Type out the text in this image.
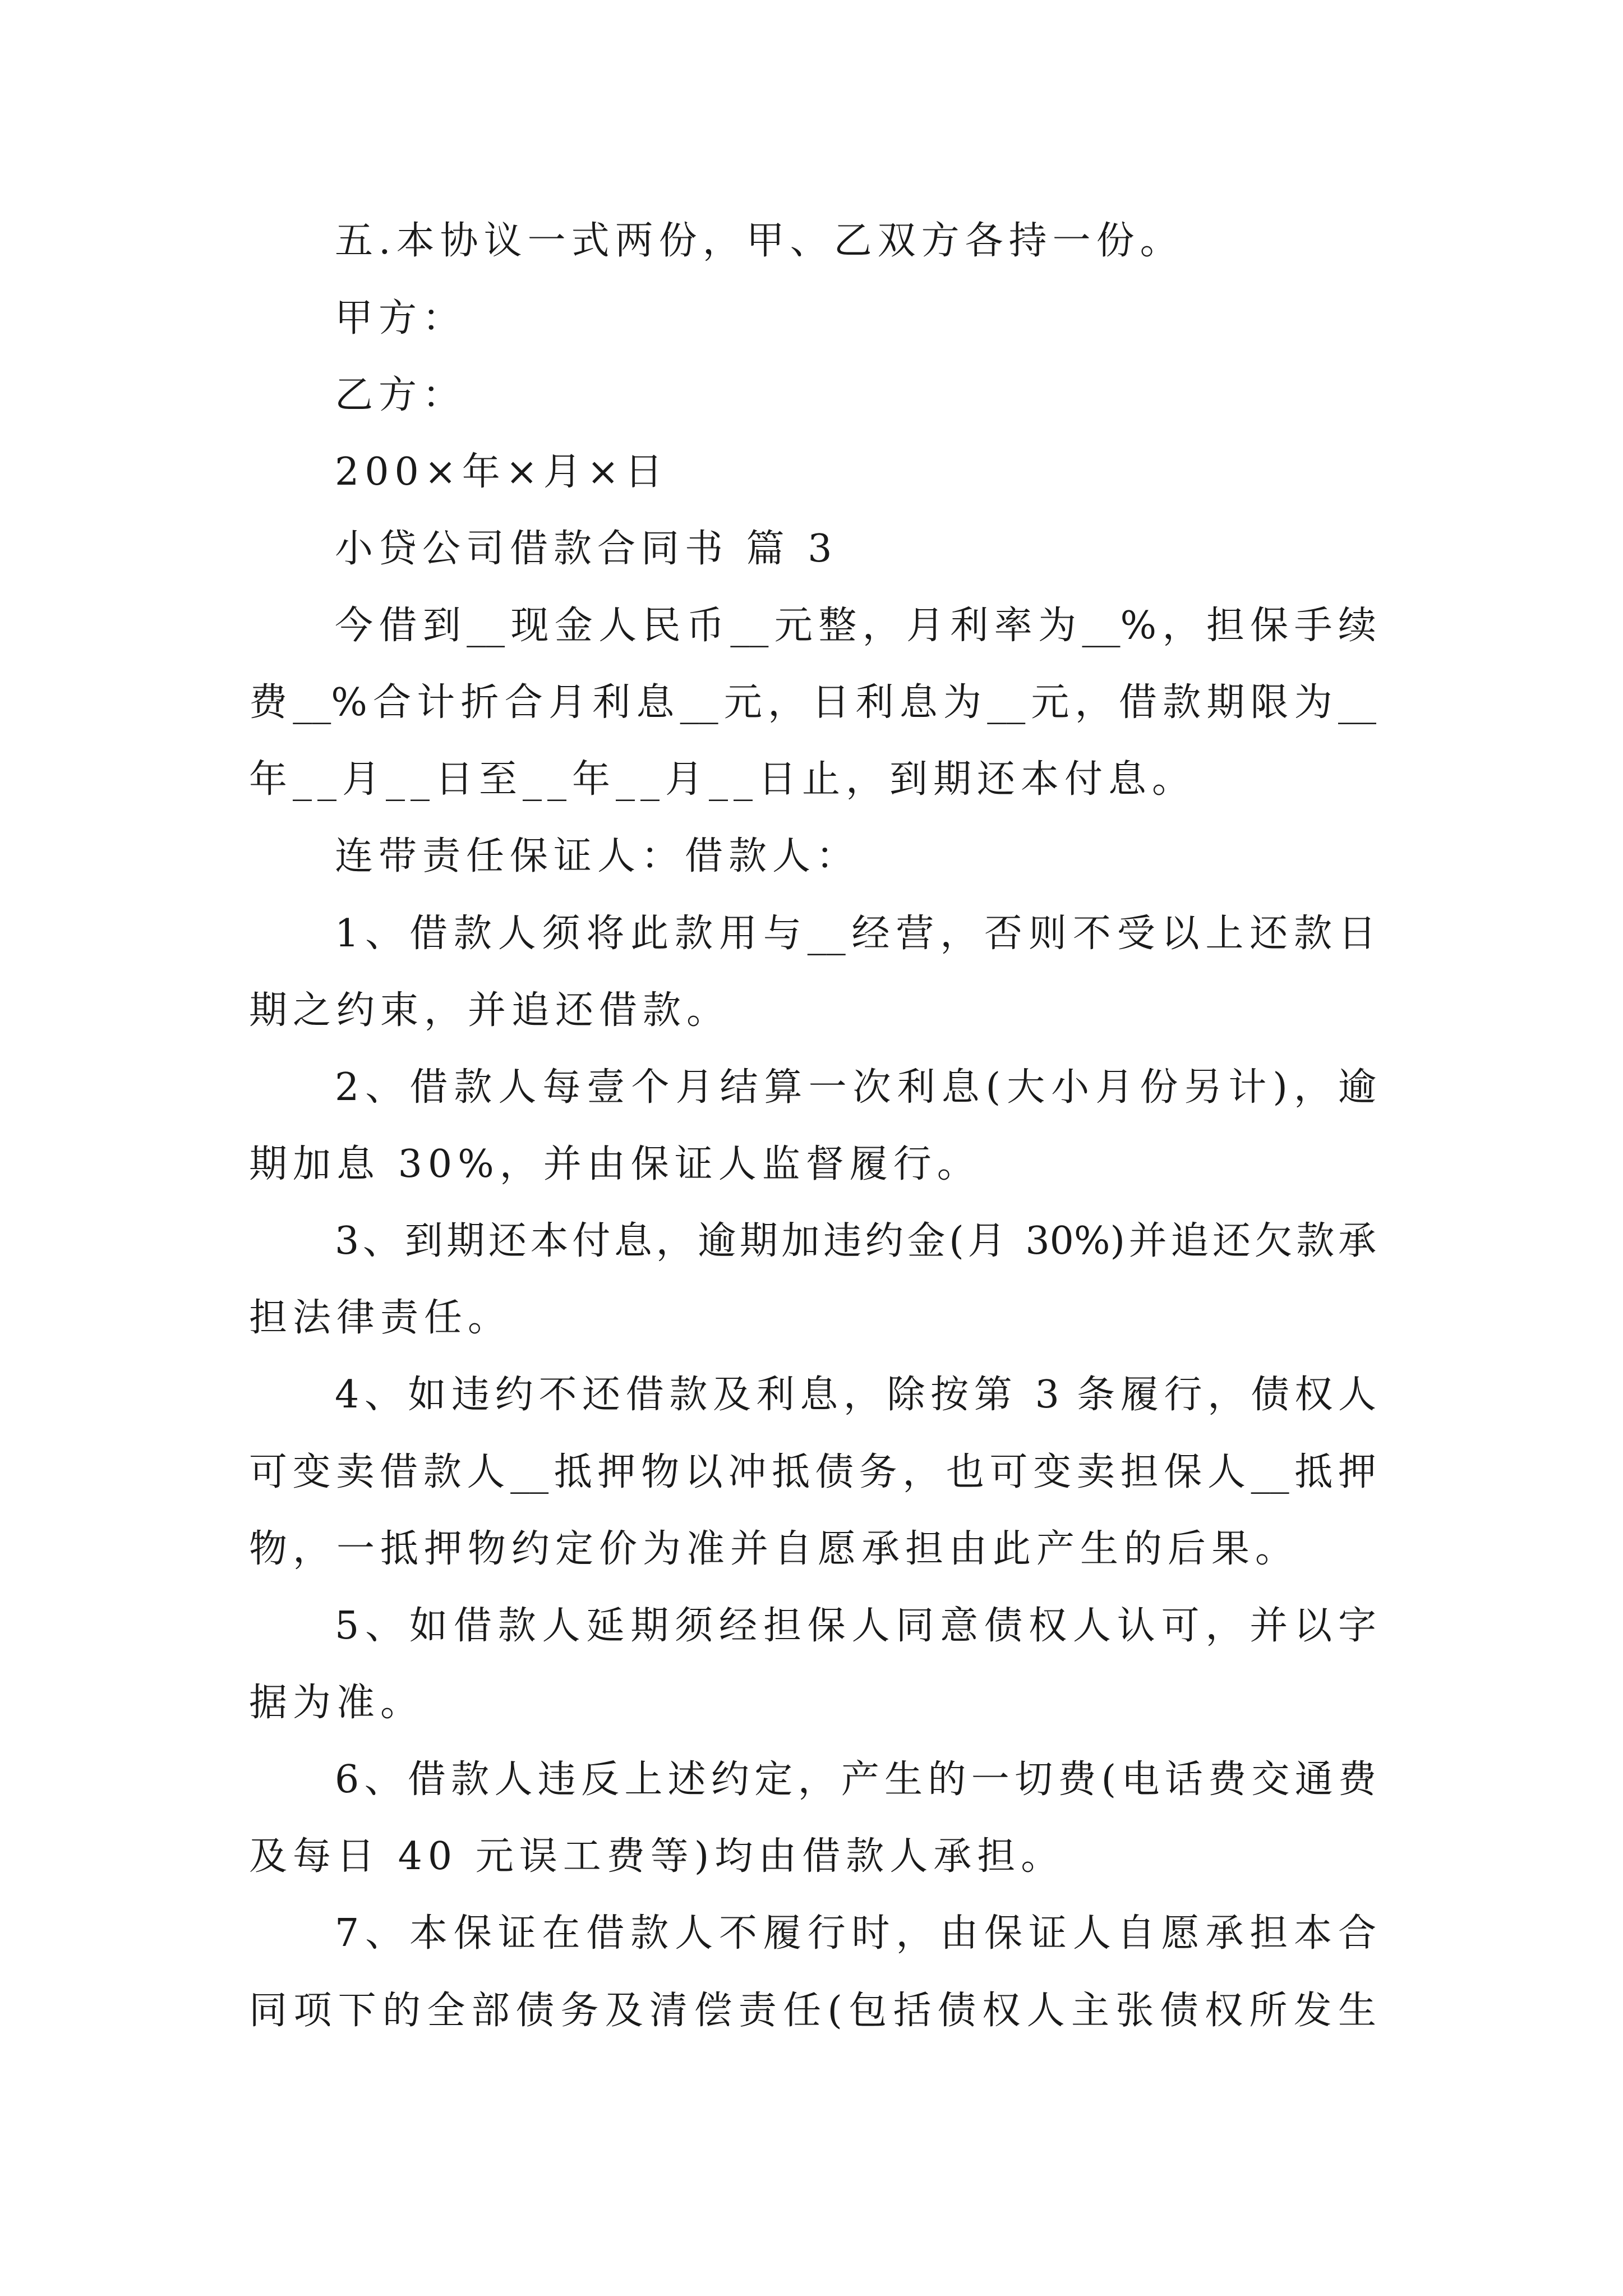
五.本协议一式两份，甲、乙双方各持一份。
甲方：
乙方：
200×年×月×日
小贷公司借款合同书 篇 3
今借到__现金人民币__元整，月利率为__%，担保手续
费__%合计折合月利息__元，日利息为__元，借款期限为__
年__月__日至__年__月__日止，到期还本付息。
连带责任保证人：借款人：
1、借款人须将此款用与__经营，否则不受以上还款日
期之约束，并追还借款。
2、借款人每壹个月结算一次利息(大小月份另计)，逾
期加息 30%，并由保证人监督履行。
3、到期还本付息，逾期加违约金(月 30%)并追还欠款承
担法律责任。
4、如违约不还借款及利息，除按第 3 条履行，债权人
可变卖借款人__抵押物以冲抵债务，也可变卖担保人__抵押
物，一抵押物约定价为准并自愿承担由此产生的后果。
5、如借款人延期须经担保人同意债权人认可，并以字
据为准。
6、借款人违反上述约定，产生的一切费(电话费交通费
及每日 40 元误工费等)均由借款人承担。
7、本保证在借款人不履行时，由保证人自愿承担本合
同项下的全部债务及清偿责任(包括债权人主张债权所发生
